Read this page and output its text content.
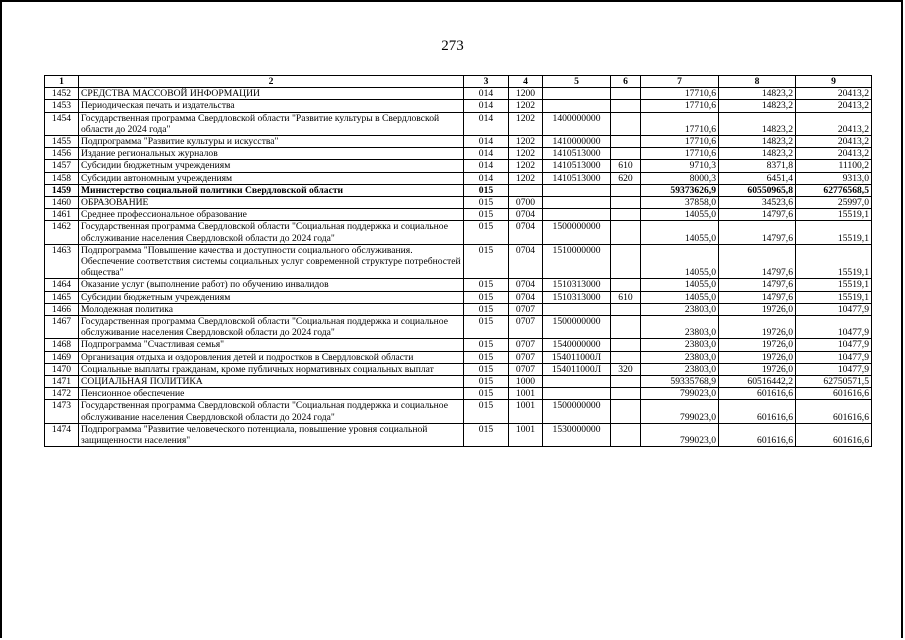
273
1	2	3	4	5	6	7	8	9
1452	СРЕДСТВА МАССОВОЙ ИНФОРМАЦИИ	014	1200			17710,6	14823,2	20413,2
1453	Периодическая печать и издательства	014	1202			17710,6	14823,2	20413,2
1454	Государственная программа Свердловской области "Развитие культуры в Свердловской области до 2024 года"	014	1202	1400000000		17710,6	14823,2	20413,2
1455	Подпрограмма "Развитие культуры и искусства"	014	1202	1410000000		17710,6	14823,2	20413,2
1456	Издание региональных журналов	014	1202	1410513000		17710,6	14823,2	20413,2
1457	Субсидии бюджетным учреждениям	014	1202	1410513000	610	9710,3	8371,8	11100,2
1458	Субсидии автономным учреждениям	014	1202	1410513000	620	8000,3	6451,4	9313,0
1459	Министерство социальной политики Свердловской области	015				59373626,9	60550965,8	62776568,5
1460	ОБРАЗОВАНИЕ	015	0700			37858,0	34523,6	25997,0
1461	Среднее профессиональное образование	015	0704			14055,0	14797,6	15519,1
1462	Государственная программа Свердловской области "Социальная поддержка и социальное обслуживание населения Свердловской области до 2024 года"	015	0704	1500000000		14055,0	14797,6	15519,1
1463	Подпрограмма "Повышение качества и доступности социального обслуживания. Обеспечение соответствия системы социальных услуг современной структуре потребностей общества"	015	0704	1510000000		14055,0	14797,6	15519,1
1464	Оказание услуг (выполнение работ) по обучению инвалидов	015	0704	1510313000		14055,0	14797,6	15519,1
1465	Субсидии бюджетным учреждениям	015	0704	1510313000	610	14055,0	14797,6	15519,1
1466	Молодежная политика	015	0707			23803,0	19726,0	10477,9
1467	Государственная программа Свердловской области "Социальная поддержка и социальное обслуживание населения Свердловской области до 2024 года"	015	0707	1500000000		23803,0	19726,0	10477,9
1468	Подпрограмма "Счастливая семья"	015	0707	1540000000		23803,0	19726,0	10477,9
1469	Организация отдыха и оздоровления детей и подростков в Свердловской области	015	0707	154011000Л		23803,0	19726,0	10477,9
1470	Социальные выплаты гражданам, кроме публичных нормативных социальных выплат	015	0707	154011000Л	320	23803,0	19726,0	10477,9
1471	СОЦИАЛЬНАЯ ПОЛИТИКА	015	1000			59335768,9	60516442,2	62750571,5
1472	Пенсионное обеспечение	015	1001			799023,0	601616,6	601616,6
1473	Государственная программа Свердловской области "Социальная поддержка и социальное обслуживание населения Свердловской области до 2024 года"	015	1001	1500000000		799023,0	601616,6	601616,6
1474	Подпрограмма "Развитие человеческого потенциала, повышение уровня социальной защищенности населения"	015	1001	1530000000		799023,0	601616,6	601616,6
